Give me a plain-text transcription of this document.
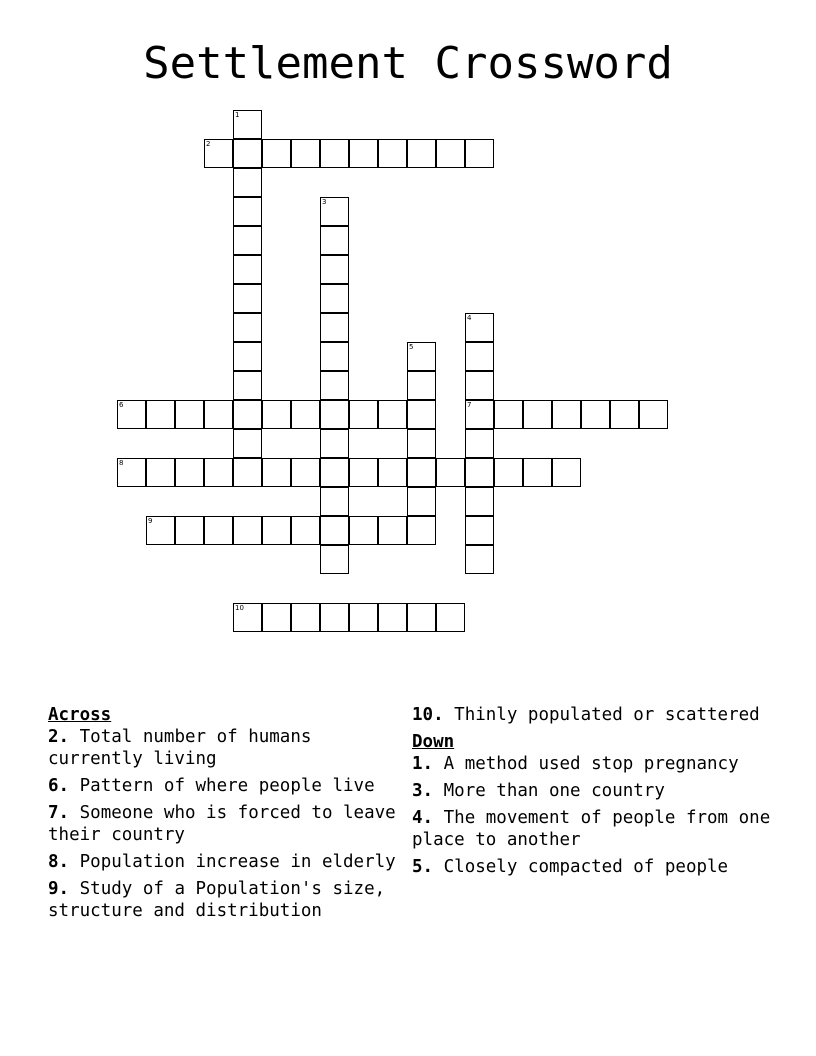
Settlement Crossword
1
2
3
4
7
5
6
8
9
10
Across
2. Total number of humans currently living
6. Pattern of where people live
7. Someone who is forced to leave their country
8. Population increase in elderly
9. Study of a Population's size, structure and distribution
10. Thinly populated or scattered
Down
1. A method used stop pregnancy
3. More than one country
4. The movement of people from one place to another
5. Closely compacted of people
